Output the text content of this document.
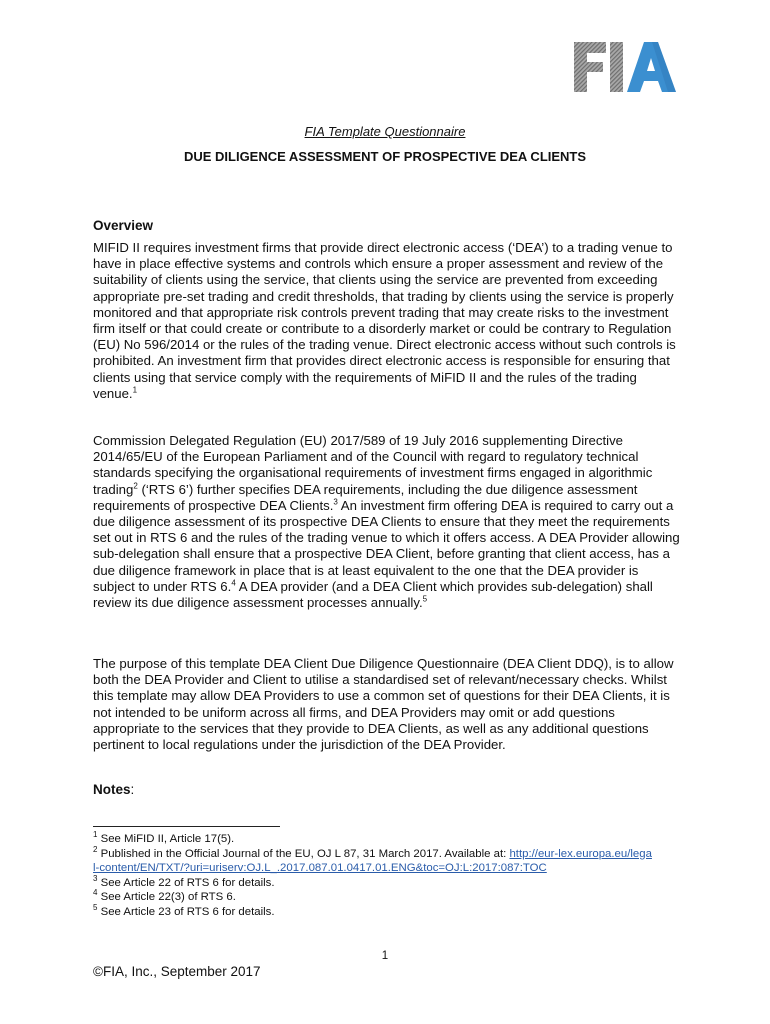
FIA Template Questionnaire
DUE DILIGENCE ASSESSMENT OF PROSPECTIVE DEA CLIENTS
Overview

MIFID II requires investment firms that provide direct electronic access (‘DEA’) to a trading venue to have in place effective systems and controls which ensure a proper assessment and review of the suitability of clients using the service, that clients using the service are prevented from exceeding appropriate pre-set trading and credit thresholds, that trading by clients using the service is properly monitored and that appropriate risk controls prevent trading that may create risks to the investment firm itself or that could create or contribute to a disorderly market or could be contrary to Regulation (EU) No 596/2014 or the rules of the trading venue. Direct electronic access without such controls is prohibited. An investment firm that provides direct electronic access is responsible for ensuring that clients using that service comply with the requirements of MiFID II and the rules of the trading venue.$^1$

Commission Delegated Regulation (EU) 2017/589 of 19 July 2016 supplementing Directive 2014/65/EU of the European Parliament and of the Council with regard to regulatory technical standards specifying the organisational requirements of investment firms engaged in algorithmic trading$^2$ (‘RTS 6’) further specifies DEA requirements, including the due diligence assessment requirements of prospective DEA Clients.$^3$ An investment firm offering DEA is required to carry out a due diligence assessment of its prospective DEA Clients to ensure that they meet the requirements set out in RTS 6 and the rules of the trading venue to which it offers access. A DEA Provider allowing sub-delegation shall ensure that a prospective DEA Client, before granting that client access, has a due diligence framework in place that is at least equivalent to the one that the DEA provider is subject to under RTS 6.$^4$ A DEA provider (and a DEA Client which provides sub-delegation) shall review its due diligence assessment processes annually.$^5$

The purpose of this template DEA Client Due Diligence Questionnaire (DEA Client DDQ), is to allow both the DEA Provider and Client to utilise a standardised set of relevant/necessary checks. Whilst this template may allow DEA Providers to use a common set of questions for their DEA Clients, it is not intended to be uniform across all firms, and DEA Providers may omit or add questions appropriate to the services that they provide to DEA Clients, as well as any additional questions pertinent to local regulations under the jurisdiction of the DEA Provider.

Notes:
$^1$ See MiFID II, Article 17(5).
$^2$ Published in the Official Journal of the EU, OJ L 87, 31 March 2017. Available at: http://eur-lex.europa.eu/legal-content/EN/TXT/?uri=uriserv:OJ.L_.2017.087.01.0417.01.ENG&toc=OJ:L:2017:087:TOC
$^3$ See Article 22 of RTS 6 for details.
$^4$ See Article 22(3) of RTS 6.
$^5$ See Article 23 of RTS 6 for details.
1
©FIA, Inc., September 2017
